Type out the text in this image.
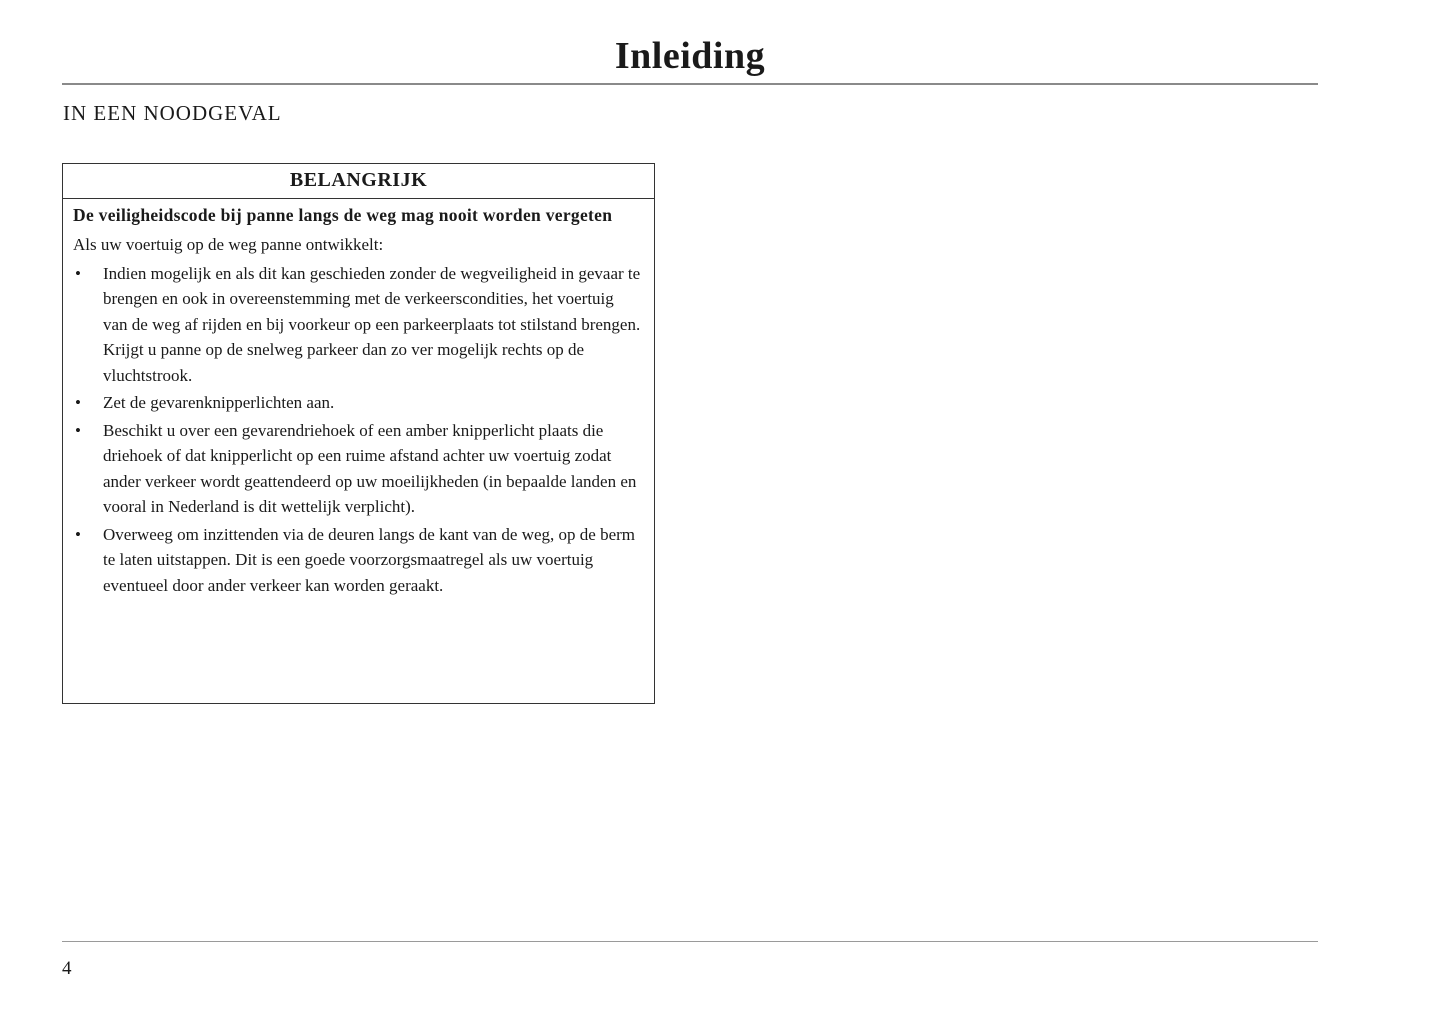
Inleiding
IN EEN NOODGEVAL
BELANGRIJK

De veiligheidscode bij panne langs de weg mag nooit worden vergeten

Als uw voertuig op de weg panne ontwikkelt:

• Indien mogelijk en als dit kan geschieden zonder de wegveiligheid in gevaar te brengen en ook in overeenstemming met de verkeerscondities, het voertuig van de weg af rijden en bij voorkeur op een parkeerplaats tot stilstand brengen. Krijgt u panne op de snelweg parkeer dan zo ver mogelijk rechts op de vluchtstrook.
• Zet de gevarenknipperlichten aan.
• Beschikt u over een gevarendriehoek of een amber knipperlicht plaats die driehoek of dat knipperlicht op een ruime afstand achter uw voertuig zodat ander verkeer wordt geattendeerd op uw moeilijkheden (in bepaalde landen en vooral in Nederland is dit wettelijk verplicht).
• Overweeg om inzittenden via de deuren langs de kant van de weg, op de berm te laten uitstappen. Dit is een goede voorzorgsmaatregel als uw voertuig eventueel door ander verkeer kan worden geraakt.

4
